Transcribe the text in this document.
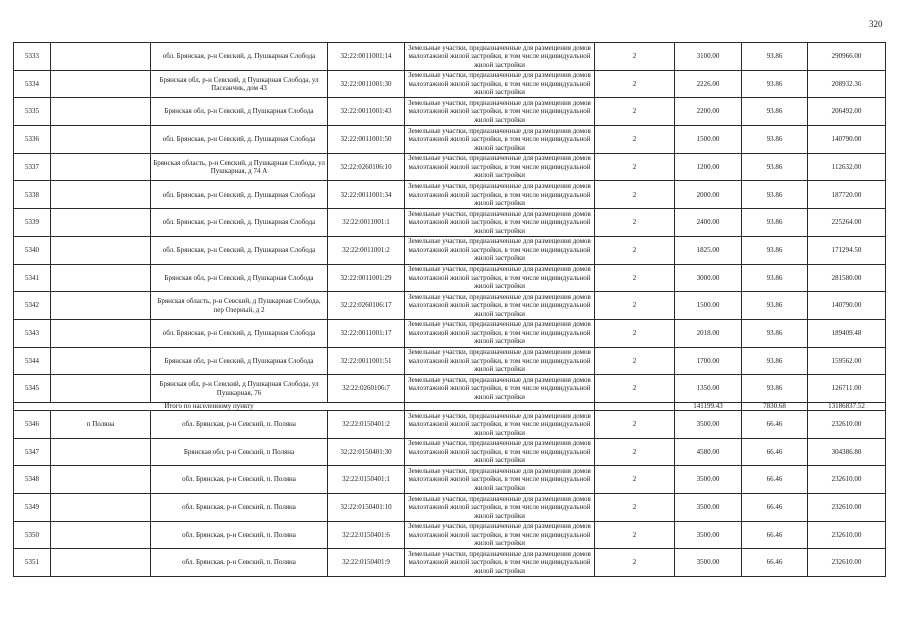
320
5333		обл. Брянская, р-н Севский, д. Пушкарная Слобода	32:22:0011001:14	Земельные участки, предназначенные для размещения домов малоэтажной жилой застройки, в том числе индивидуальной жилой застройки	2	3100.00	93.86	290966.00
5334		Брянская обл, р-н Севский, д Пушкарная Слобода, ул Пасеанчик, дом 43	32:22:0011001:30	Земельные участки, предназначенные для размещения домов малоэтажной жилой застройки, в том числе индивидуальной жилой застройки	2	2226.00	93.86	208932.36
5335		Брянская обл, р-н Севский, д Пушкарная Слобода	32:22:0011001:43	Земельные участки, предназначенные для размещения домов малоэтажной жилой застройки, в том числе индивидуальной жилой застройки	2	2200.00	93.86	206492.00
5336		обл. Брянская, р-н Севский, д. Пушкарная Слобода	32:22:0011001:50	Земельные участки, предназначенные для размещения домов малоэтажной жилой застройки, в том числе индивидуальной жилой застройки	2	1500.00	93.86	140790.00
5337		Брянская область, р-н Севский, д Пушкарная Слобода, ул Пушкарная, д 74 А	32:22:0260106:10	Земельные участки, предназначенные для размещения домов малоэтажной жилой застройки, в том числе индивидуальной жилой застройки	2	1200.00	93.86	112632.00
5338		обл. Брянская, р-н Севский, д. Пушкарная Слобода	32:22:0011001:34	Земельные участки, предназначенные для размещения домов малоэтажной жилой застройки, в том числе индивидуальной жилой застройки	2	2000.00	93.86	187720.00
5339		обл. Брянская, р-н Севский, д. Пушкарная Слобода	32:22:0011001:1	Земельные участки, предназначенные для размещения домов малоэтажной жилой застройки, в том числе индивидуальной жилой застройки	2	2400.00	93.86	225264.00
5340		обл. Брянская, р-н Севский, д. Пушкарная Слобода	32:22:0011001:2	Земельные участки, предназначенные для размещения домов малоэтажной жилой застройки, в том числе индивидуальной жилой застройки	2	1825.00	93.86	171294.50
5341		Брянская обл, р-н Севский, д Пушкарная Слобода	32:22:0011001:29	Земельные участки, предназначенные для размещения домов малоэтажной жилой застройки, в том числе индивидуальной жилой застройки	2	3000.00	93.86	281580.00
5342		Брянская область, р-н Севский, д Пушкарная Слобода, пер Озерный, д 2	32:22:0260106:17	Земельные участки, предназначенные для размещения домов малоэтажной жилой застройки, в том числе индивидуальной жилой застройки	2	1500.00	93.86	140790.00
5343		обл. Брянская, р-н Севский, д. Пушкарная Слобода	32:22:0011001:17	Земельные участки, предназначенные для размещения домов малоэтажной жилой застройки, в том числе индивидуальной жилой застройки	2	2018.00	93.86	189409.48
5344		Брянская обл, р-н Севский, д Пушкарная Слобода	32:22:0011001:51	Земельные участки, предназначенные для размещения домов малоэтажной жилой застройки, в том числе индивидуальной жилой застройки	2	1700.00	93.86	159562.00
5345		Брянская обл, р-н Севский, д Пушкарная Слобода, ул Пушкарная, 76	32:22:0260106:7	Земельные участки, предназначенные для размещения домов малоэтажной жилой застройки, в том числе индивидуальной жилой застройки	2	1350.00	93.86	126711.00
Итого по населенному пункту						141199.43	7830.68	13186837.52
5346	п Поляна	обл. Брянская, р-н Севский, п. Поляна	32:22:0150401:2	Земельные участки, предназначенные для размещения домов малоэтажной жилой застройки, в том числе индивидуальной жилой застройки	2	3500.00	66.46	232610.00
5347		Брянская обл, р-н Севский, п Поляна	32:22:0150401:30	Земельные участки, предназначенные для размещения домов малоэтажной жилой застройки, в том числе индивидуальной жилой застройки	2	4580.00	66.46	304386.80
5348		обл. Брянская, р-н Севский, п. Поляна	32:22:0150401:1	Земельные участки, предназначенные для размещения домов малоэтажной жилой застройки, в том числе индивидуальной жилой застройки	2	3500.00	66.46	232610.00
5349		обл. Брянская, р-н Севский, п. Поляна	32:22:0150401:10	Земельные участки, предназначенные для размещения домов малоэтажной жилой застройки, в том числе индивидуальной жилой застройки	2	3500.00	66.46	232610.00
5350		обл. Брянская, р-н Севский, п. Поляна	32:22:0150401:6	Земельные участки, предназначенные для размещения домов малоэтажной жилой застройки, в том числе индивидуальной жилой застройки	2	3500.00	66.46	232610.00
5351		обл. Брянская, р-н Севский, п. Поляна	32:22:0150401:9	Земельные участки, предназначенные для размещения домов малоэтажной жилой застройки, в том числе индивидуальной жилой застройки	2	3500.00	66.46	232610.00
